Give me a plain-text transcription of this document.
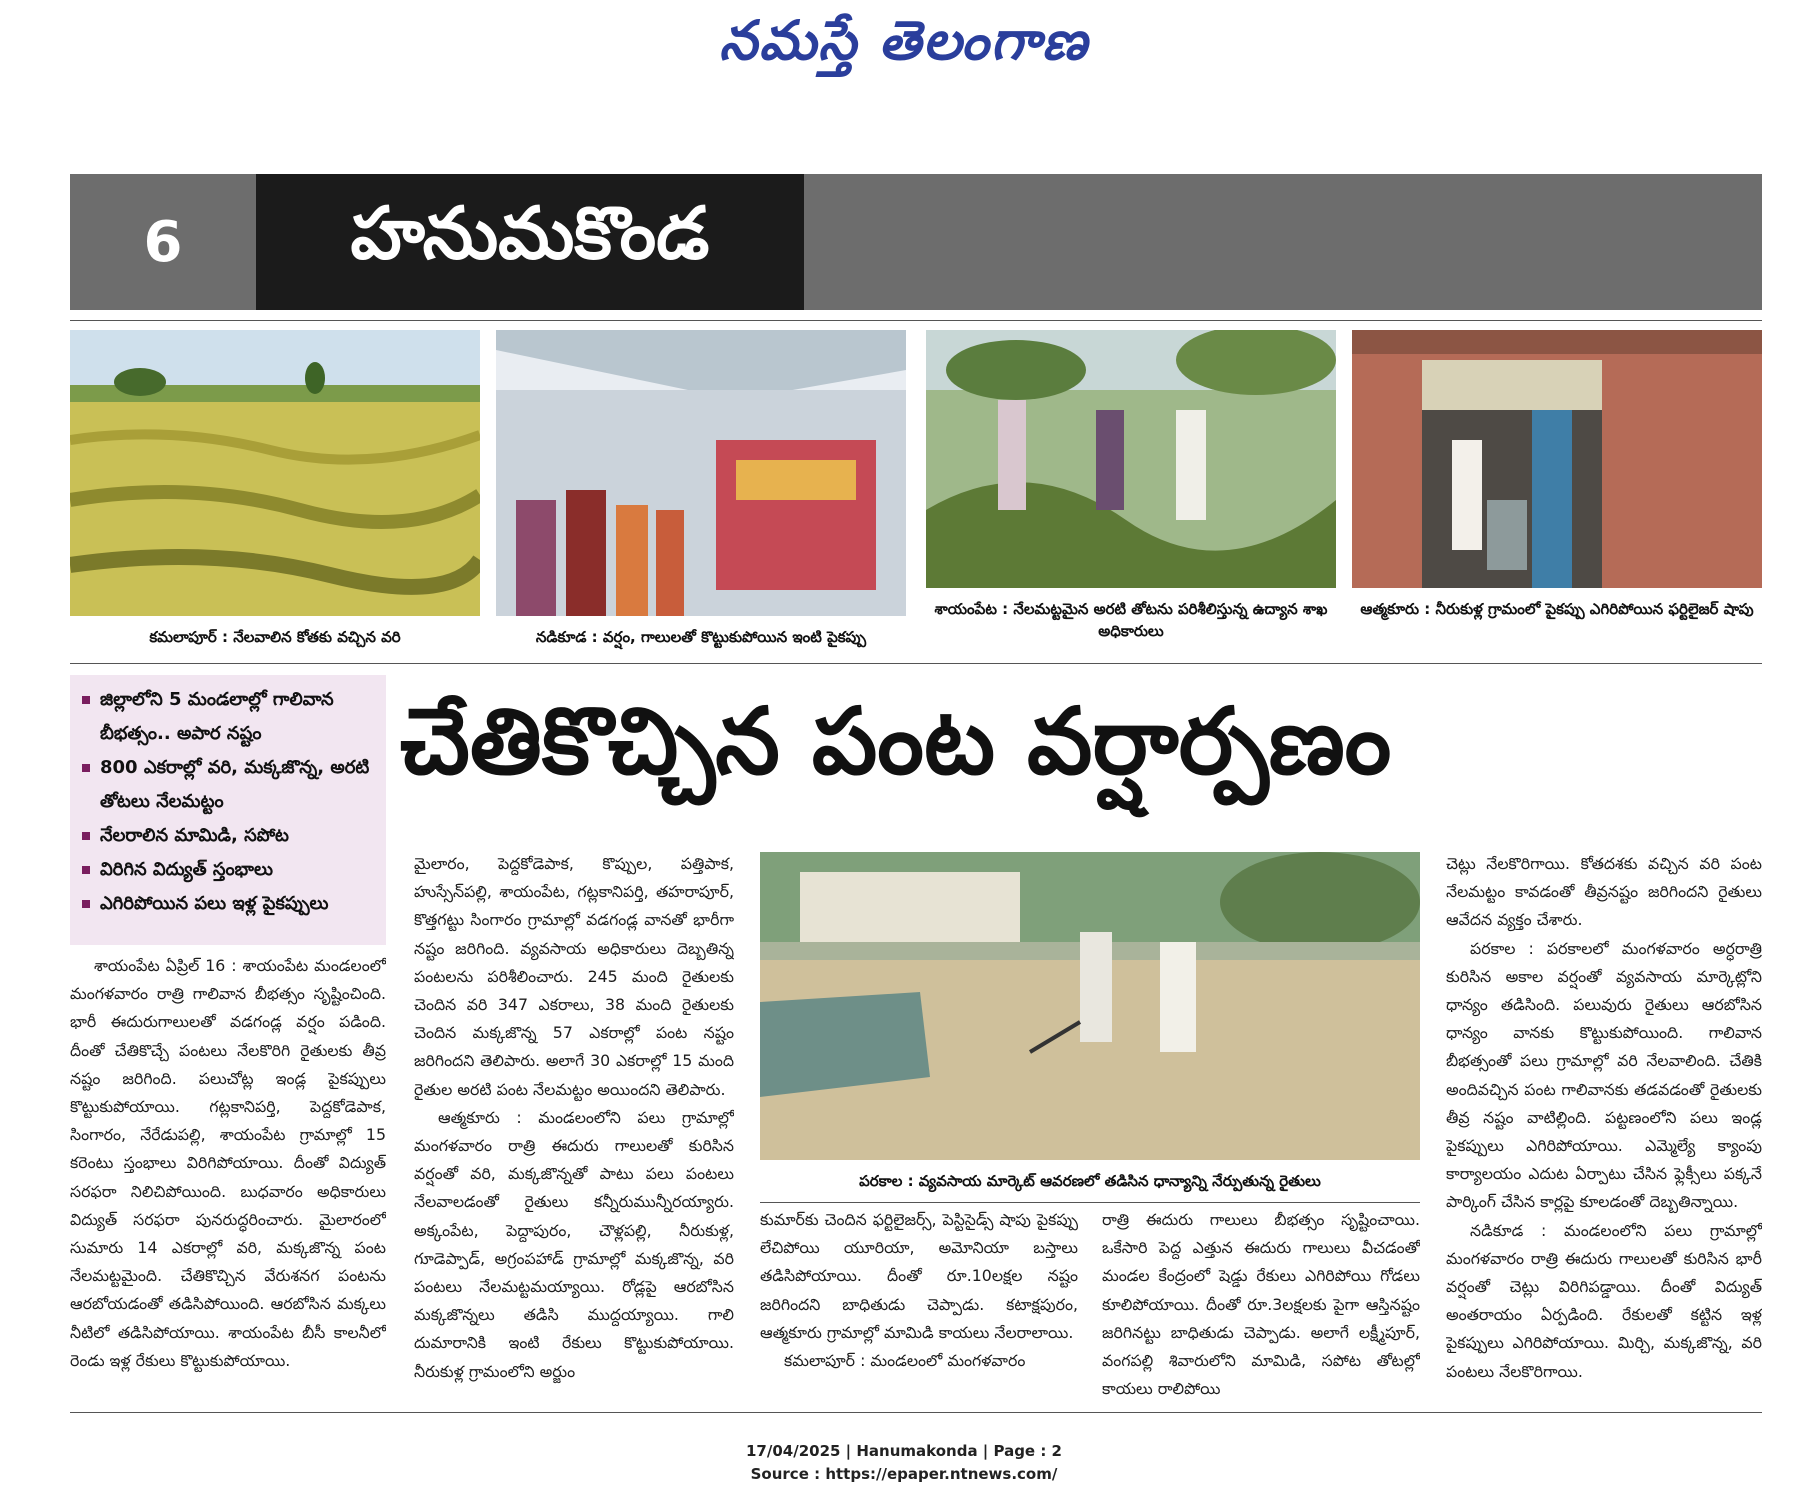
నమస్తే తెలంగాణ
6	హనుమకొండ
కమలాపూర్ : నేలవాలిన కోతకు వచ్చిన వరి	నడికూడ : వర్షం, గాలులతో కొట్టుకుపోయిన ఇంటి పైకప్పు
శాయంపేట : నేలమట్టమైన అరటి తోటను పరిశీలిస్తున్న ఉద్యాన శాఖ అధికారులు
ఆత్మకూరు : నీరుకుళ్ల గ్రామంలో పైకప్పు ఎగిరిపోయిన ఫర్టిలైజర్ షాపు
జిల్లాలోని 5 మండలాల్లో గాలివాన బీభత్సం.. అపార నష్టం
800 ఎకరాల్లో వరి, మక్కజొన్న, అరటి తోటలు నేలమట్టం
నేలరాలిన మామిడి, సపోట
విరిగిన విద్యుత్ స్తంభాలు
ఎగిరిపోయిన పలు ఇళ్ల పైకప్పులు
చేతికొచ్చిన పంట వర్షార్పణం

శాయంపేట ఏప్రిల్ 16 : శాయంపేట మండలంలో మంగళవారం రాత్రి గాలివాన బీభత్సం సృష్టించింది. భారీ ఈదురుగాలులతో వడగండ్ల వర్షం పడింది. దీంతో చేతికొచ్చే పంటలు నేలకొరిగి రైతులకు తీవ్ర నష్టం జరిగింది. పలుచోట్ల ఇండ్ల పైకప్పులు కొట్టుకుపోయాయి. గట్లకానిపర్తి, పెద్దకోడెపాక, సింగారం, నేరేడుపల్లి, శాయంపేట గ్రామాల్లో 15 కరెంటు స్తంభాలు విరిగిపోయాయి. దీంతో విద్యుత్ సరఫరా నిలిచిపోయింది. బుధవారం అధికారులు విద్యుత్ సరఫరా పునరుద్ధరించారు. మైలారంలో సుమారు 14 ఎకరాల్లో వరి, మక్కజొన్న పంట నేలమట్టమైంది. చేతికొచ్చిన వేరుశనగ పంటను ఆరబోయడంతో తడిసిపోయింది. ఆరబోసిన మక్కలు నీటిలో తడిసిపోయాయి. శాయంపేట బీసీ కాలనీలో రెండు ఇళ్ల రేకులు కొట్టుకుపోయాయి.

మైలారం, పెద్దకోడెపాక, కొప్పుల, పత్తిపాక, హుస్సేన్‌పల్లి, శాయంపేట, గట్లకానిపర్తి, తహరాపూర్, కొత్తగట్టు సింగారం గ్రామాల్లో వడగండ్ల వానతో భారీగా నష్టం జరిగింది. వ్యవసాయ అధికారులు దెబ్బతిన్న పంటలను పరిశీలించారు. 245 మంది రైతులకు చెందిన వరి 347 ఎకరాలు, 38 మంది రైతులకు చెందిన మక్కజొన్న 57 ఎకరాల్లో పంట నష్టం జరిగిందని తెలిపారు. అలాగే 30 ఎకరాల్లో 15 మంది రైతుల అరటి పంట నేలమట్టం అయిందని తెలిపారు.

ఆత్మకూరు : మండలంలోని పలు గ్రామాల్లో మంగళవారం రాత్రి ఈదురు గాలులతో కురిసిన వర్షంతో వరి, మక్కజొన్నతో పాటు పలు పంటలు నేలవాలడంతో రైతులు కన్నీరుమున్నీరయ్యారు. అక్కంపేట, పెద్దాపురం, చౌళ్లపల్లి, నీరుకుళ్ల, గూడెప్పాడ్, అగ్రంపహాడ్ గ్రామాల్లో మక్కజొన్న, వరి పంటలు నేలమట్టమయ్యాయి. రోడ్లపై ఆరబోసిన మక్కజొన్నలు తడిసి ముద్దయ్యాయి. గాలి దుమారానికి ఇంటి రేకులు కొట్టుకుపోయాయి. నీరుకుళ్ల గ్రామంలోని అర్జుం

పరకాల : వ్యవసాయ మార్కెట్ ఆవరణలో తడిసిన ధాన్యాన్ని నేర్పుతున్న రైతులు

కుమార్‌కు చెందిన ఫర్టిలైజర్స్, పెస్టిసైడ్స్ షాపు పైకప్పు లేచిపోయి యూరియా, అమోనియా బస్తాలు తడిసిపోయాయి. దీంతో రూ.10లక్షల నష్టం జరిగిందని బాధితుడు చెప్పాడు. కటాక్షపురం, ఆత్మకూరు గ్రామాల్లో మామిడి కాయలు నేలరాలాయి.

కమలాపూర్ : మండలంలో మంగళవారం

రాత్రి ఈదురు గాలులు బీభత్సం సృష్టించాయి. ఒకేసారి పెద్ద ఎత్తున ఈదురు గాలులు వీచడంతో మండల కేంద్రంలో షెడ్డు రేకులు ఎగిరిపోయి గోడలు కూలిపోయాయి. దీంతో రూ.3లక్షలకు పైగా ఆస్తినష్టం జరిగినట్టు బాధితుడు చెప్పాడు. అలాగే లక్ష్మీపూర్, వంగపల్లి శివారులోని మామిడి, సపోట తోటల్లో కాయలు రాలిపోయి

చెట్లు నేలకొరిగాయి. కోతదశకు వచ్చిన వరి పంట నేలమట్టం కావడంతో తీవ్రనష్టం జరిగిందని రైతులు ఆవేదన వ్యక్తం చేశారు.

పరకాల : పరకాలలో మంగళవారం అర్ధరాత్రి కురిసిన అకాల వర్షంతో వ్యవసాయ మార్కెట్లోని ధాన్యం తడిసింది. పలువురు రైతులు ఆరబోసిన ధాన్యం వానకు కొట్టుకుపోయింది. గాలివాన బీభత్సంతో పలు గ్రామాల్లో వరి నేలవాలింది. చేతికి అందివచ్చిన పంట గాలివానకు తడవడంతో రైతులకు తీవ్ర నష్టం వాటిల్లింది. పట్టణంలోని పలు ఇండ్ల పైకప్పులు ఎగిరిపోయాయి. ఎమ్మెల్యే క్యాంపు కార్యాలయం ఎదుట ఏర్పాటు చేసిన ఫ్లెక్సీలు పక్కనే పార్కింగ్ చేసిన కార్లపై కూలడంతో దెబ్బతిన్నాయి.

నడికూడ : మండలంలోని పలు గ్రామాల్లో మంగళవారం రాత్రి ఈదురు గాలులతో కురిసిన భారీ వర్షంతో చెట్లు విరిగిపడ్డాయి. దీంతో విద్యుత్ అంతరాయం ఏర్పడింది. రేకులతో కట్టిన ఇళ్ల పైకప్పులు ఎగిరిపోయాయి. మిర్చి, మక్కజొన్న, వరి పంటలు నేలకొరిగాయి.

17/04/2025 | Hanumakonda | Page : 2
Source : https://epaper.ntnews.com/
